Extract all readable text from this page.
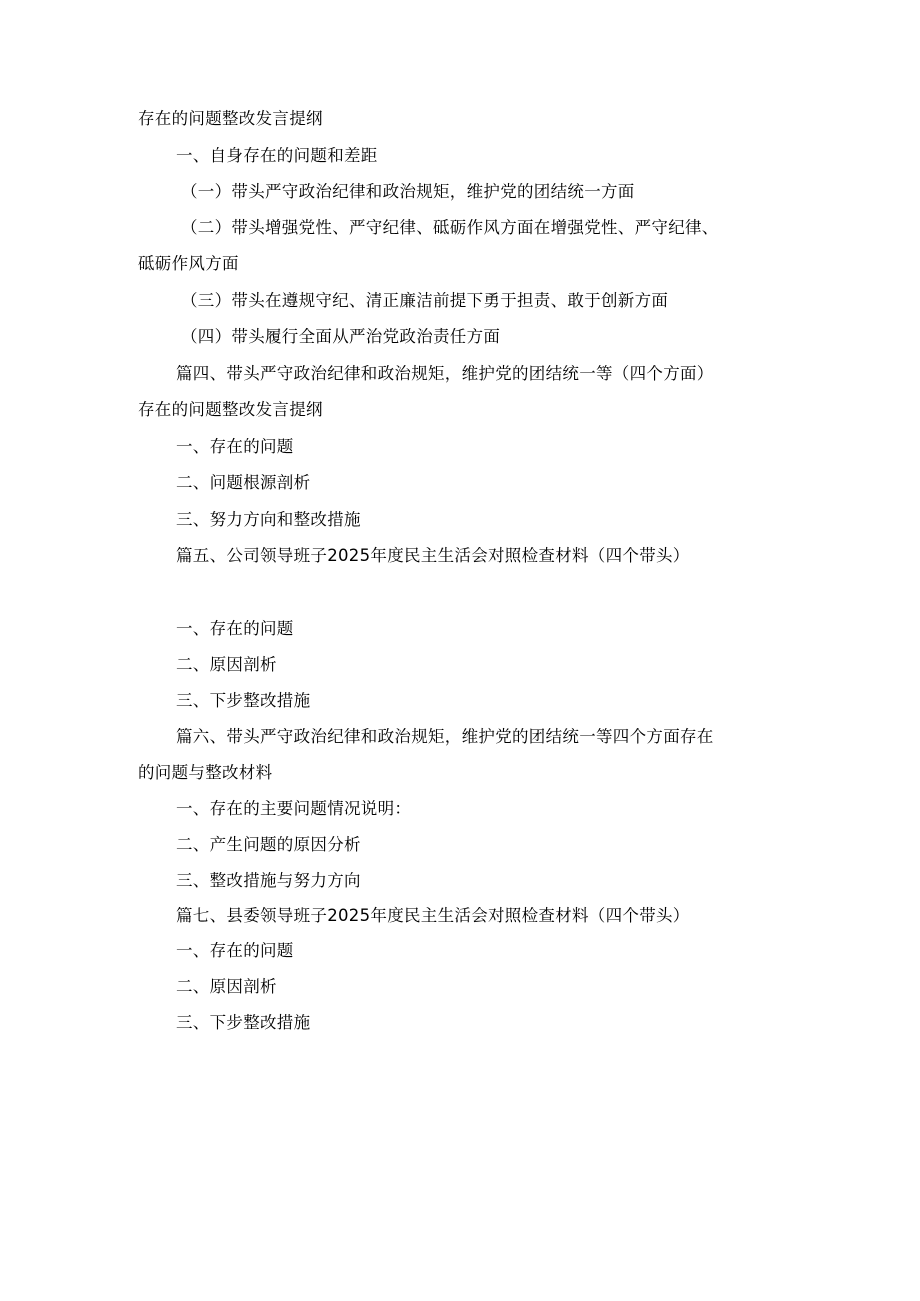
存在的问题整改发言提纲
一、自身存在的问题和差距
（一）带头严守政治纪律和政治规矩，维护党的团结统一方面
（二）带头增强党性、严守纪律、砥砺作风方面在增强党性、严守纪律、
砥砺作风方面
（三）带头在遵规守纪、清正廉洁前提下勇于担责、敢于创新方面
（四）带头履行全面从严治党政治责任方面
篇四、带头严守政治纪律和政治规矩，维护党的团结统一等（四个方面）
存在的问题整改发言提纲
一、存在的问题
二、问题根源剖析
三、努力方向和整改措施
篇五、公司领导班子2025年度民主生活会对照检查材料（四个带头）
一、存在的问题
二、原因剖析
三、下步整改措施
篇六、带头严守政治纪律和政治规矩，维护党的团结统一等四个方面存在
的问题与整改材料
一、存在的主要问题情况说明：
二、产生问题的原因分析
三、整改措施与努力方向
篇七、县委领导班子2025年度民主生活会对照检查材料（四个带头）
一、存在的问题
二、原因剖析
三、下步整改措施
